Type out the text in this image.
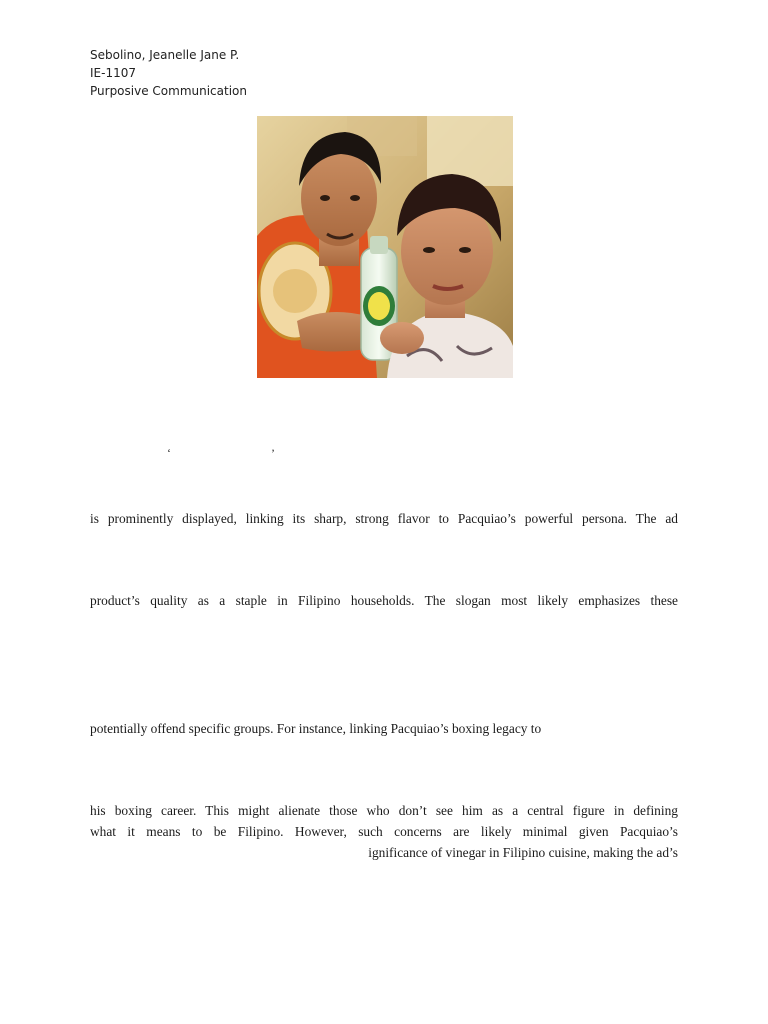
Sebolino, Jeanelle Jane P.
IE-1107
Purposive Communication
‘	’
is prominently displayed, linking its sharp, strong flavor to Pacquiao’s powerful persona. The ad
product’s quality as a staple in Filipino households. The slogan most likely emphasizes these
potentially offend specific groups. For instance, linking Pacquiao’s boxing legacy to
his boxing career. This might alienate those who don’t see him as a central figure in defining
what it means to be Filipino. However, such concerns are likely minimal given Pacquiao’s
ignificance of vinegar in Filipino cuisine, making the ad’s
